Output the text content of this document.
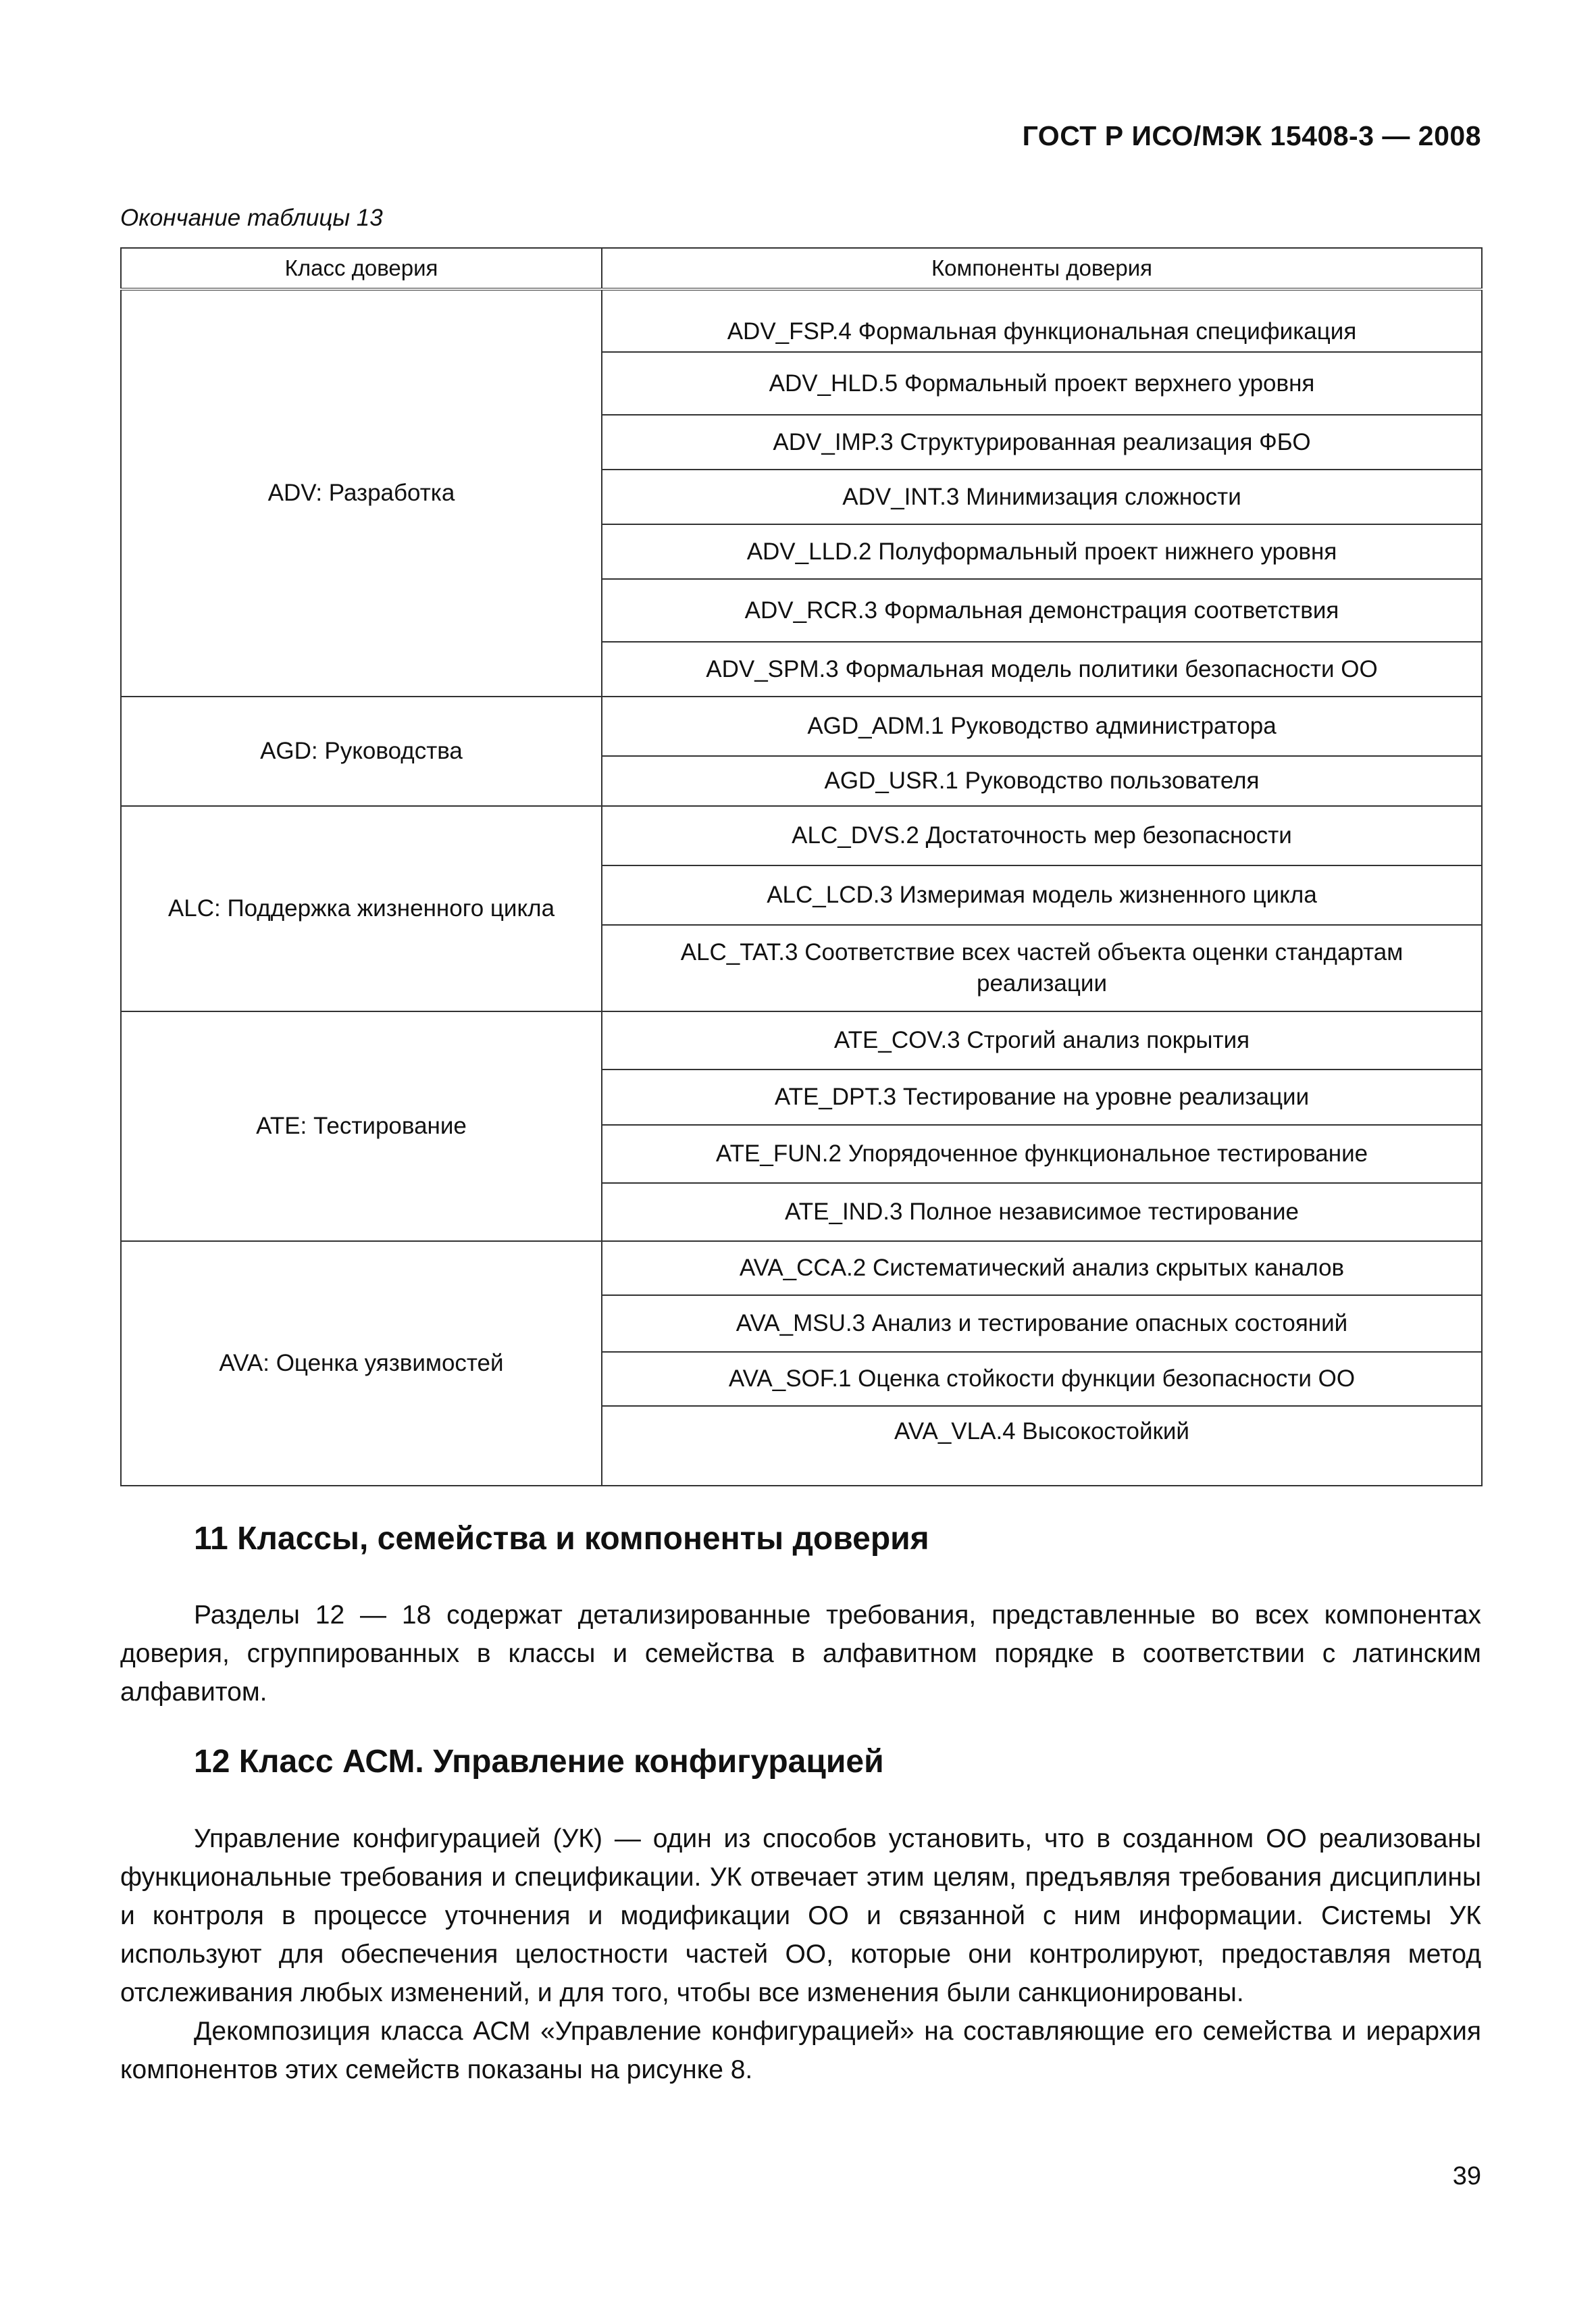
ГОСТ Р ИСО/МЭК 15408-3 — 2008
Окончание таблицы 13
Класс доверия	Компоненты доверия
ADV: Разработка	ADV_FSP.4 Формальная функциональная спецификация
	ADV_HLD.5 Формальный проект верхнего уровня
	ADV_IMP.3 Структурированная реализация ФБО
	ADV_INT.3 Минимизация сложности
	ADV_LLD.2 Полуформальный проект нижнего уровня
	ADV_RCR.3 Формальная демонстрация соответствия
	ADV_SPM.3 Формальная модель политики безопасности ОО
AGD: Руководства	AGD_ADM.1 Руководство администратора
	AGD_USR.1 Руководство пользователя
ALC: Поддержка жизненного цикла	ALC_DVS.2 Достаточность мер безопасности
	ALC_LCD.3 Измеримая модель жизненного цикла
	ALC_TAT.3 Соответствие всех частей объекта оценки стандартам реализации
ATE: Тестирование	ATE_COV.3 Строгий анализ покрытия
	ATE_DPT.3 Тестирование на уровне реализации
	ATE_FUN.2 Упорядоченное функциональное тестирование
	ATE_IND.3 Полное независимое тестирование
AVA: Оценка уязвимостей	AVA_CCA.2 Систематический анализ скрытых каналов
	AVA_MSU.3 Анализ и тестирование опасных состояний
	AVA_SOF.1 Оценка стойкости функции безопасности ОО
	AVA_VLA.4 Высокостойкий
11 Классы, семейства и компоненты доверия

Разделы 12 — 18 содержат детализированные требования, представленные во всех компонентах доверия, сгруппированных в классы и семейства в алфавитном порядке в соответствии с латинским алфавитом.

12 Класс АСМ. Управление конфигурацией

Управление конфигурацией (УК) — один из способов установить, что в созданном ОО реализованы функциональные требования и спецификации. УК отвечает этим целям, предъявляя требования дисциплины и контроля в процессе уточнения и модификации ОО и связанной с ним информации. Системы УК используют для обеспечения целостности частей ОО, которые они контролируют, предоставляя метод отслеживания любых изменений, и для того, чтобы все изменения были санкционированы.

Декомпозиция класса АСМ «Управление конфигурацией» на составляющие его семейства и иерархия компонентов этих семейств показаны на рисунке 8.

39
